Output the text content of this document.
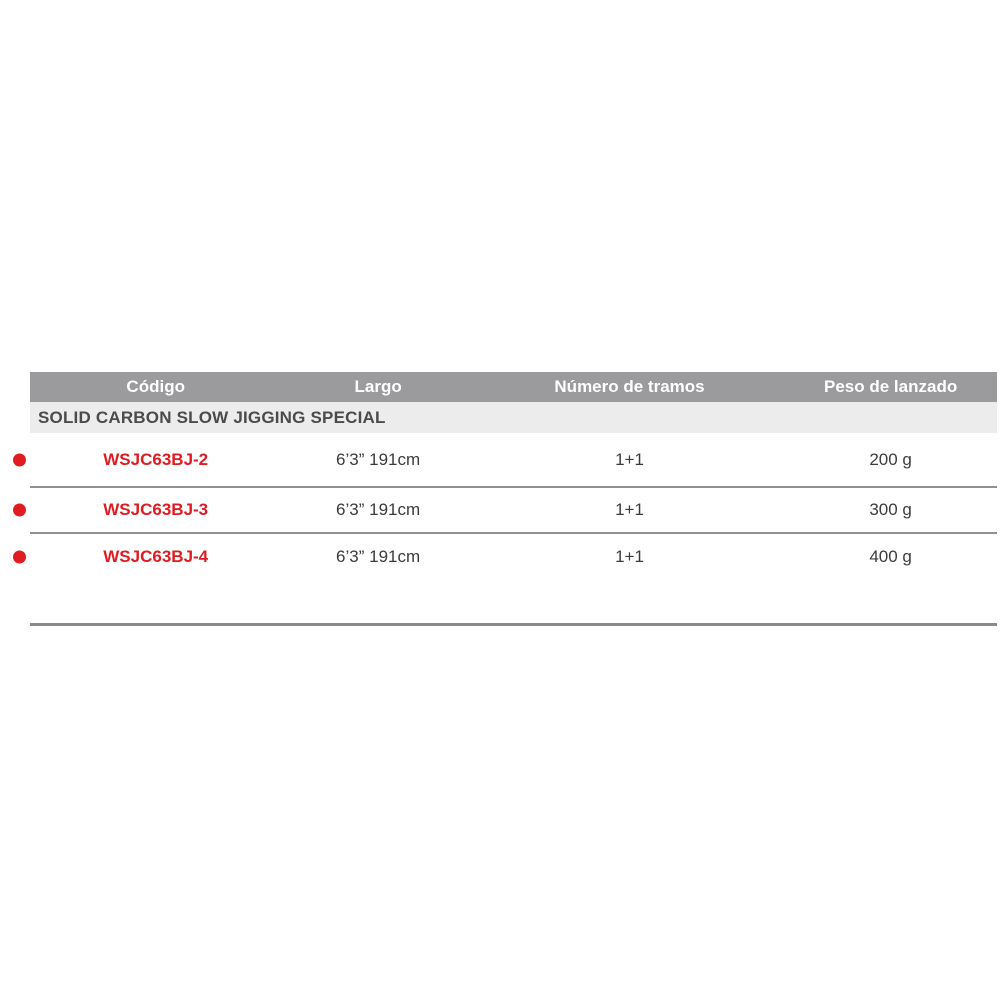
Código	Largo	Número de tramos	Peso de lanzado
SOLID CARBON SLOW JIGGING SPECIAL			

WSJC63BJ-2	6’3” 191cm	1+1	200 g

WSJC63BJ-3	6’3” 191cm	1+1	300 g

WSJC63BJ-4	6’3” 191cm	1+1	400 g
